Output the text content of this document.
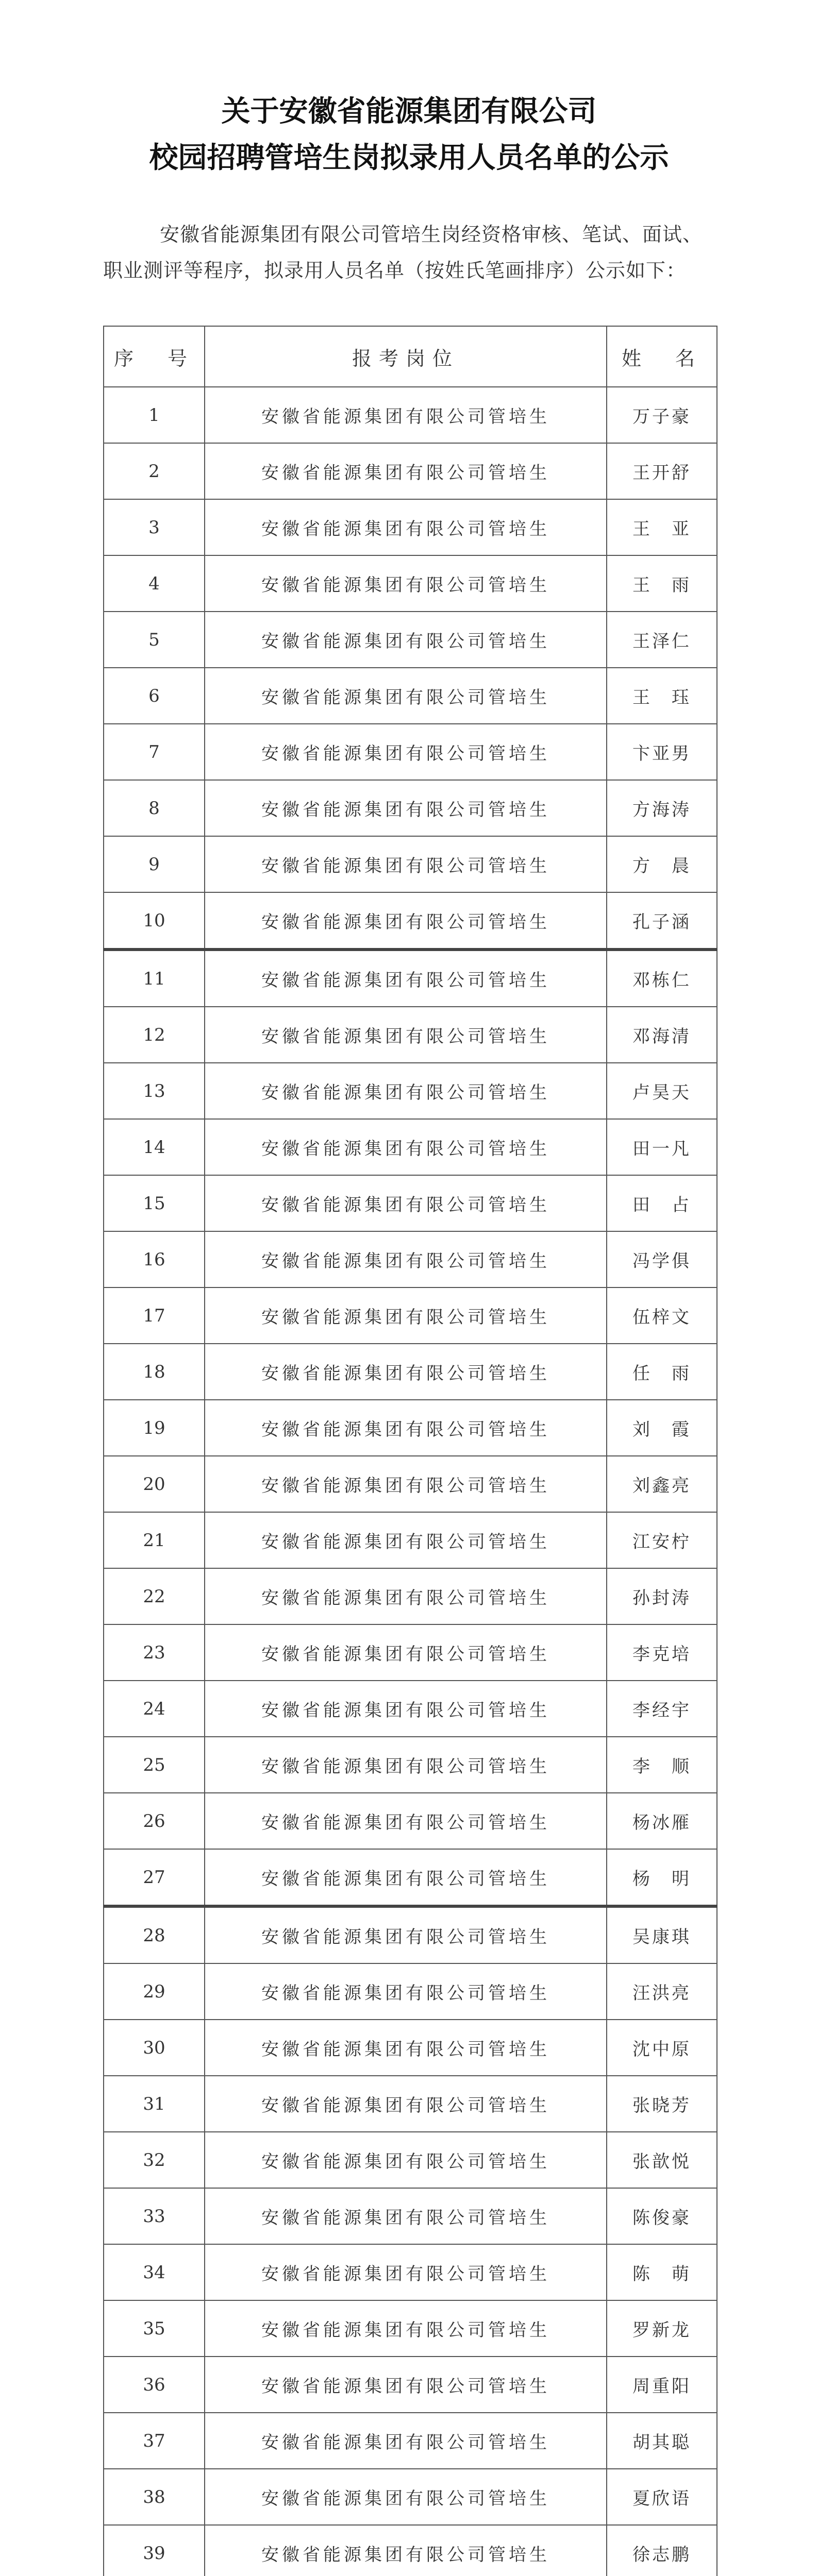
关于安徽省能源集团有限公司
校园招聘管培生岗拟录用人员名单的公示
安徽省能源集团有限公司管培生岗经资格审核、笔试、面试、职业测评等程序，拟录用人员名单（按姓氏笔画排序）公示如下：
序　号	报考岗位	姓　名
1	安徽省能源集团有限公司管培生	万子豪
2	安徽省能源集团有限公司管培生	王开舒
3	安徽省能源集团有限公司管培生	王　亚
4	安徽省能源集团有限公司管培生	王　雨
5	安徽省能源集团有限公司管培生	王泽仁
6	安徽省能源集团有限公司管培生	王　珏
7	安徽省能源集团有限公司管培生	卞亚男
8	安徽省能源集团有限公司管培生	方海涛
9	安徽省能源集团有限公司管培生	方　晨
10	安徽省能源集团有限公司管培生	孔子涵
11	安徽省能源集团有限公司管培生	邓栋仁
12	安徽省能源集团有限公司管培生	邓海清
13	安徽省能源集团有限公司管培生	卢昊天
14	安徽省能源集团有限公司管培生	田一凡
15	安徽省能源集团有限公司管培生	田　占
16	安徽省能源集团有限公司管培生	冯学俱
17	安徽省能源集团有限公司管培生	伍梓文
18	安徽省能源集团有限公司管培生	任　雨
19	安徽省能源集团有限公司管培生	刘　霞
20	安徽省能源集团有限公司管培生	刘鑫亮
21	安徽省能源集团有限公司管培生	江安柠
22	安徽省能源集团有限公司管培生	孙封涛
23	安徽省能源集团有限公司管培生	李克培
24	安徽省能源集团有限公司管培生	李经宇
25	安徽省能源集团有限公司管培生	李　顺
26	安徽省能源集团有限公司管培生	杨冰雁
27	安徽省能源集团有限公司管培生	杨　明
28	安徽省能源集团有限公司管培生	吴康琪
29	安徽省能源集团有限公司管培生	汪洪亮
30	安徽省能源集团有限公司管培生	沈中原
31	安徽省能源集团有限公司管培生	张晓芳
32	安徽省能源集团有限公司管培生	张歆悦
33	安徽省能源集团有限公司管培生	陈俊豪
34	安徽省能源集团有限公司管培生	陈　萌
35	安徽省能源集团有限公司管培生	罗新龙
36	安徽省能源集团有限公司管培生	周重阳
37	安徽省能源集团有限公司管培生	胡其聪
38	安徽省能源集团有限公司管培生	夏欣语
39	安徽省能源集团有限公司管培生	徐志鹏
